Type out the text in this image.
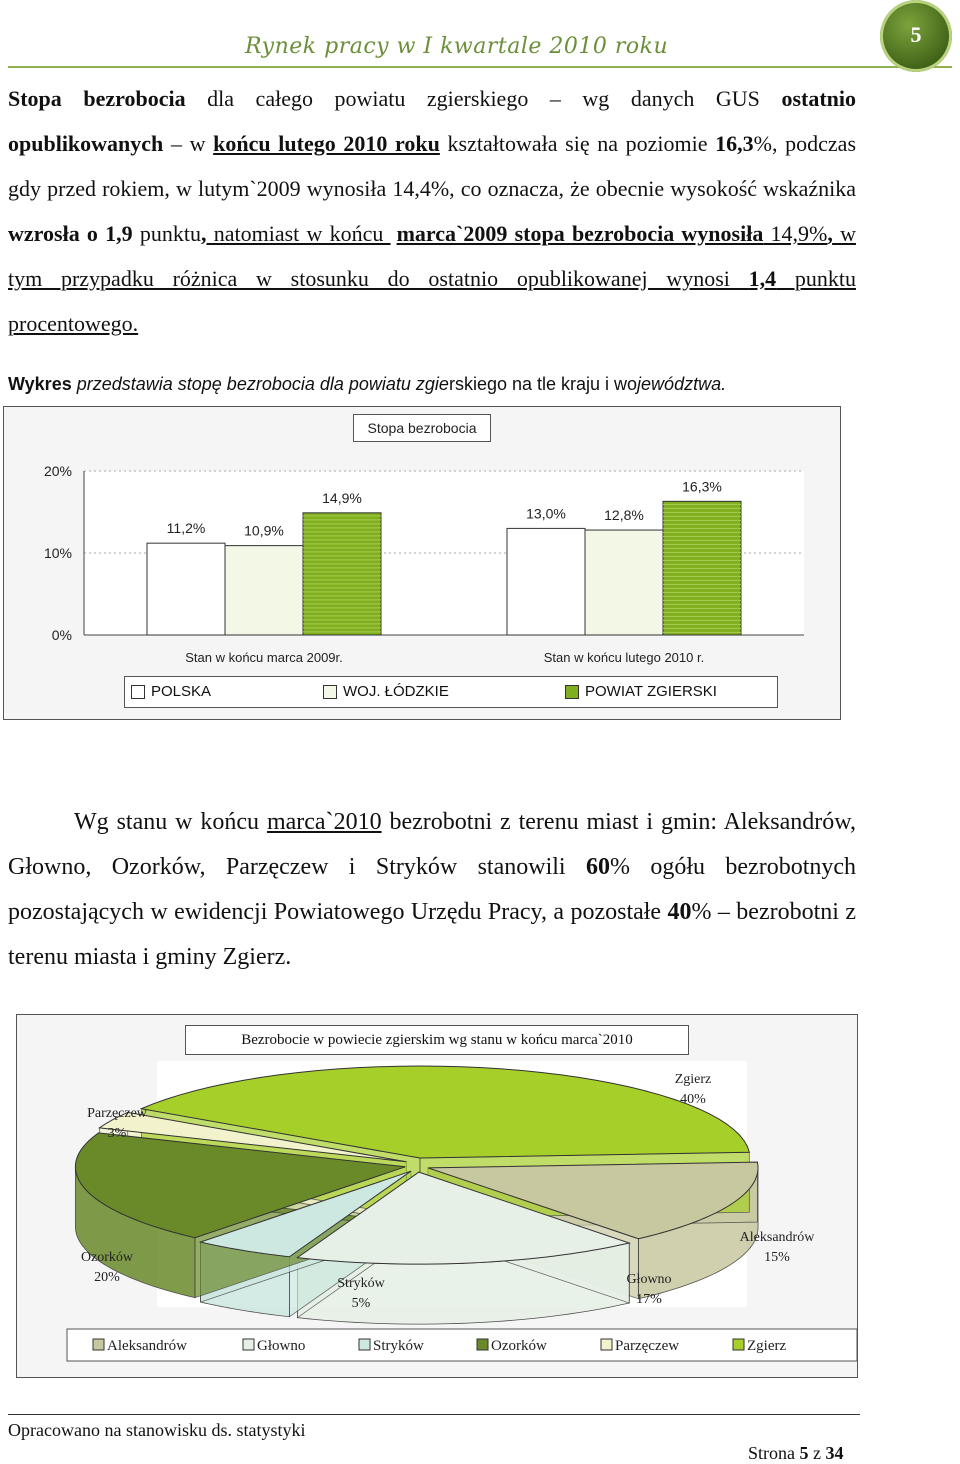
Rynek pracy w I kwartale 2010 roku	5

Stopa bezrobocia dla całego powiatu zgierskiego – wg danych GUS ostatnio opublikowanych – w końcu lutego 2010 roku kształtowała się na poziomie 16,3%, podczas gdy przed rokiem, w lutym`2009 wynosiła 14,4%, co oznacza, że obecnie wysokość wskaźnika wzrosła o 1,9 punktu, natomiast w końcu marca`2009 stopa bezrobocia wynosiła 14,9%, w tym przypadku różnica w stosunku do ostatnio opublikowanej wynosi 1,4 punktu procentowego.

Wykres przedstawia stopę bezrobocia dla powiatu zgierskiego na tle kraju i województwa.
0%
10%
20%
11,2%	10,9%
14,9%
Stan w końcu marca 2009r.
13,0%	12,8%
16,3%
Stan w końcu lutego 2010 r.
Stopa bezrobocia
POLSKA	WOJ. ŁÓDZKIE	POWIAT ZGIERSKI
Wg stanu w końcu marca`2010 bezrobotni z terenu miast i gmin: Aleksandrów, Głowno, Ozorków, Parzęczew i Stryków stanowili 60% ogółu bezrobotnych pozostających w ewidencji Powiatowego Urzędu Pracy, a pozostałe 40% – bezrobotni z terenu miasta i gminy Zgierz.
Aleksandrów 15%
Głowno 17%
Stryków 5%
Ozorków 20%
Parzęczew 3%
Zgierz 40%
Aleksandrów	Głowno	Stryków	Ozorków	Parzęczew	Zgierz
Bezrobocie w powiecie zgierskim wg stanu w końcu marca`2010
Opracowano na stanowisku ds. statystyki
Strona 5 z 34
